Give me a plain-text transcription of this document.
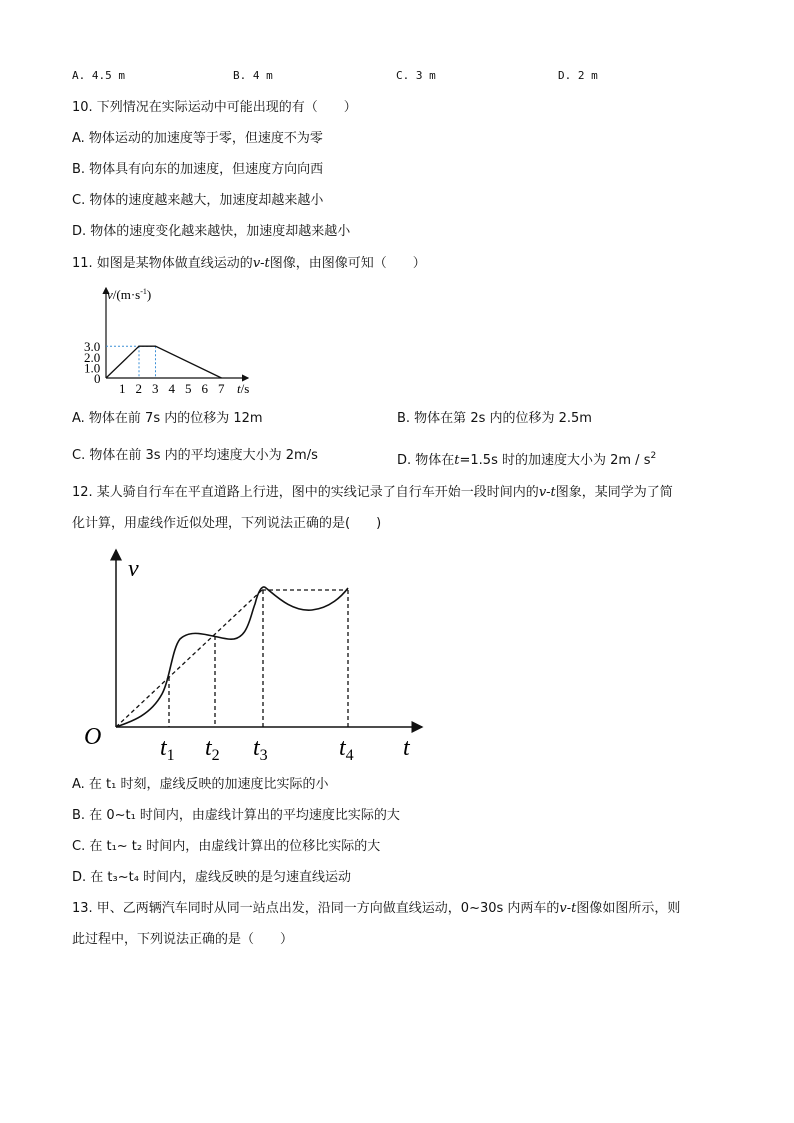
A. 4.5 m	B. 4 m	C. 3 m	D. 2 m
10. 下列情况在实际运动中可能出现的有（　　）
A. 物体运动的加速度等于零，但速度不为零
B. 物体具有向东的加速度，但速度方向向西
C. 物体的速度越来越大，加速度却越来越小
D. 物体的速度变化越来越快，加速度却越来越小
11. 如图是某物体做直线运动的v-t图像，由图像可知（　　）
$v/(m\cdot s^{-1})$
t/s
0
1.0
2.0
3.0
1 2 3 4 5 6 7
A. 物体在前 7s 内的位移为 12m	B. 物体在第 2s 内的位移为 2.5m
C. 物体在前 3s 内的平均速度大小为 2m/s	D. 物体在t=1.5s 时的加速度大小为 $2m / s^2$
12. 某人骑自行车在平直道路上行进，图中的实线记录了自行车开始一段时间内的v-t图象，某同学为了简
化计算，用虚线作近似处理，下列说法正确的是(　　)
v
t
O $t_1$ $t_2$ $t_3$	$t_4$
A. 在 t₁ 时刻，虚线反映的加速度比实际的小
B. 在 0~t₁ 时间内，由虚线计算出的平均速度比实际的大
C. 在 t₁~ t₂ 时间内，由虚线计算出的位移比实际的大
D. 在 t₃~t₄ 时间内，虚线反映的是匀速直线运动
13. 甲、乙两辆汽车同时从同一站点出发，沿同一方向做直线运动，0~30s 内两车的v-t图像如图所示，则
此过程中，下列说法正确的是（　　）
